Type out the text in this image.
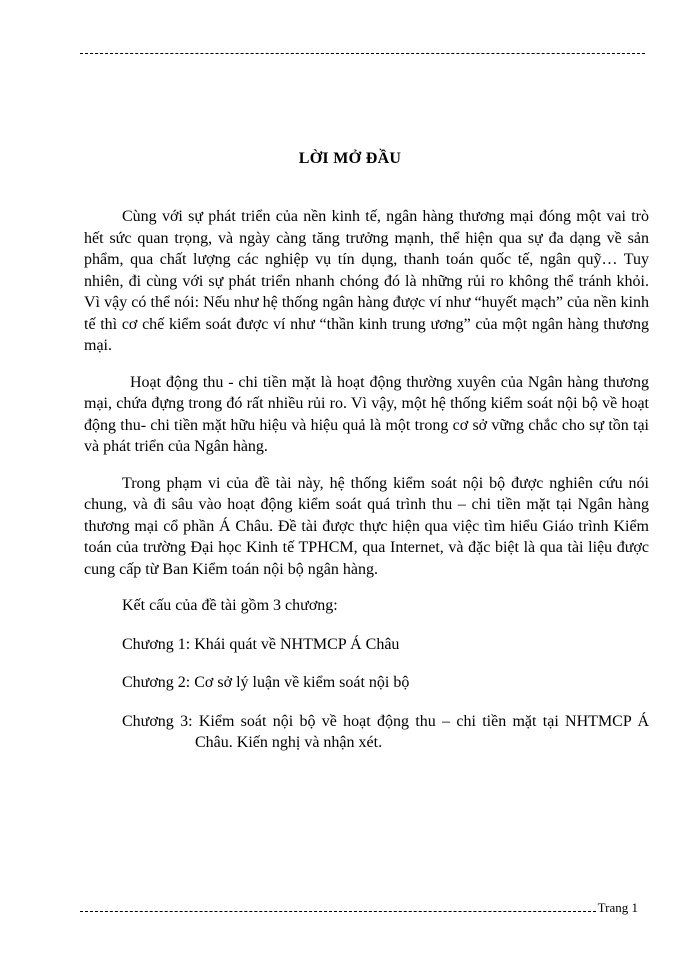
LỜI MỞ ĐẦU

Cùng với sự phát triển của nền kinh tế, ngân hàng thương mại đóng một vai trò hết sức quan trọng, và ngày càng tăng trưởng mạnh, thể hiện qua sự đa dạng về sản phẩm, qua chất lượng các nghiệp vụ tín dụng, thanh toán quốc tế, ngân quỹ… Tuy nhiên, đi cùng với sự phát triển nhanh chóng đó là những rủi ro không thể tránh khỏi. Vì vậy có thể nói: Nếu như hệ thống ngân hàng được ví như “huyết mạch” của nền kinh tế thì cơ chế kiểm soát được ví như “thần kinh trung ương” của một ngân hàng thương mại.

Hoạt động thu - chi tiền mặt là hoạt động thường xuyên của Ngân hàng thương mại, chứa đựng trong đó rất nhiều rủi ro. Vì vậy, một hệ thống kiểm soát nội bộ về hoạt động thu- chi tiền mặt hữu hiệu và hiệu quả là một trong cơ sở vững chắc cho sự tồn tại và phát triển của Ngân hàng.

Trong phạm vi của đề tài này, hệ thống kiểm soát nội bộ được nghiên cứu nói chung, và đi sâu vào hoạt động kiểm soát quá trình thu – chi tiền mặt tại Ngân hàng thương mại cổ phần Á Châu. Đề tài được thực hiện qua việc tìm hiểu Giáo trình Kiểm toán của trường Đại học Kinh tế TPHCM, qua Internet, và đặc biệt là qua tài liệu được cung cấp từ Ban Kiểm toán nội bộ ngân hàng.

Kết cấu của đề tài gồm 3 chương:

Chương 1: Khái quát về NHTMCP Á Châu

Chương 2: Cơ sở lý luận về kiểm soát nội bộ

Chương 3: Kiểm soát nội bộ về hoạt động thu – chi tiền mặt tại NHTMCP Á Châu. Kiến nghị và nhận xét.

Trang 1
